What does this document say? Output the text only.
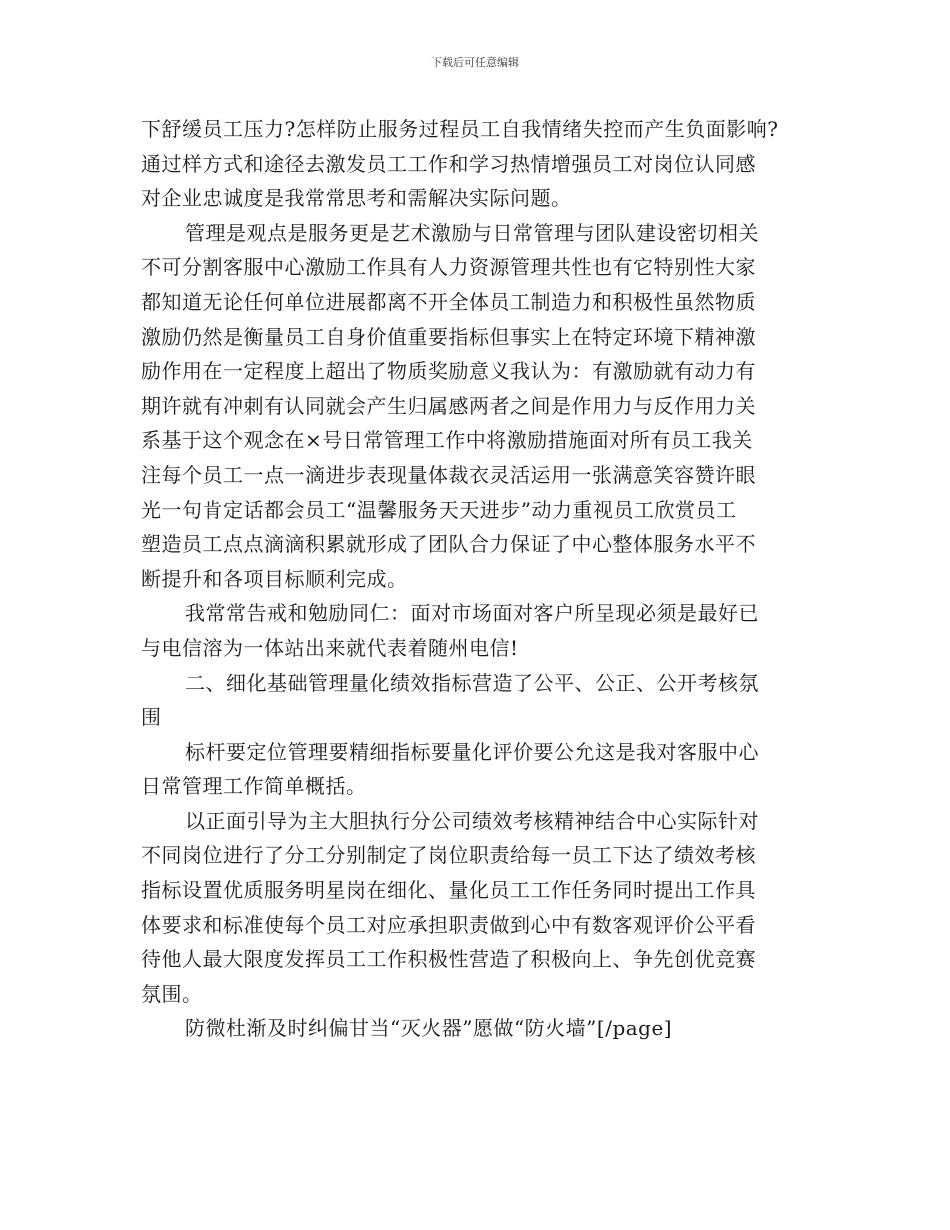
下载后可任意编辑
下舒缓员工压力?怎样防止服务过程员工自我情绪失控而产生负面影响?
通过样方式和途径去激发员工工作和学习热情增强员工对岗位认同感
对企业忠诚度是我常常思考和需解决实际问题。
管理是观点是服务更是艺术激励与日常管理与团队建设密切相关
不可分割客服中心激励工作具有人力资源管理共性也有它特别性大家
都知道无论任何单位进展都离不开全体员工制造力和积极性虽然物质
激励仍然是衡量员工自身价值重要指标但事实上在特定环境下精神激
励作用在一定程度上超出了物质奖励意义我认为：有激励就有动力有
期许就有冲刺有认同就会产生归属感两者之间是作用力与反作用力关
系基于这个观念在×号日常管理工作中将激励措施面对所有员工我关
注每个员工一点一滴进步表现量体裁衣灵活运用一张满意笑容赞许眼
光一句肯定话都会员工“温馨服务天天进步”动力重视员工欣赏员工
塑造员工点点滴滴积累就形成了团队合力保证了中心整体服务水平不
断提升和各项目标顺利完成。
我常常告戒和勉励同仁：面对市场面对客户所呈现必须是最好已
与电信溶为一体站出来就代表着随州电信!
二、细化基础管理量化绩效指标营造了公平、公正、公开考核氛
围
标杆要定位管理要精细指标要量化评价要公允这是我对客服中心
日常管理工作简单概括。
以正面引导为主大胆执行分公司绩效考核精神结合中心实际针对
不同岗位进行了分工分别制定了岗位职责给每一员工下达了绩效考核
指标设置优质服务明星岗在细化、量化员工工作任务同时提出工作具
体要求和标准使每个员工对应承担职责做到心中有数客观评价公平看
待他人最大限度发挥员工工作积极性营造了积极向上、争先创优竞赛
氛围。
防微杜渐及时纠偏甘当“灭火器”愿做“防火墙”[/page]
